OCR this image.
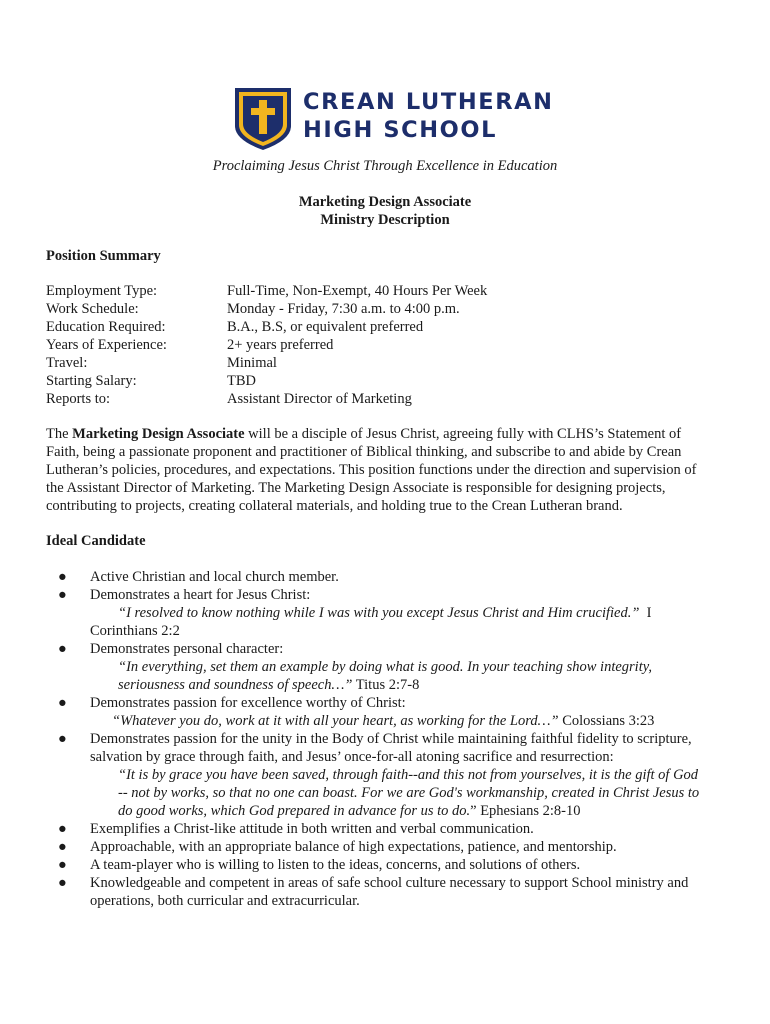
CREAN LUTHERAN
HIGH SCHOOL
Proclaiming Jesus Christ Through Excellence in Education
Marketing Design Associate
Ministry Description
Position Summary
Employment Type:	Full-Time, Non-Exempt, 40 Hours Per Week
Work Schedule:	Monday - Friday, 7:30 a.m. to 4:00 p.m.
Education Required:	B.A., B.S, or equivalent preferred
Years of Experience:	2+ years preferred
Travel:	Minimal
Starting Salary:	TBD
Reports to:	Assistant Director of Marketing

The Marketing Design Associate will be a disciple of Jesus Christ, agreeing fully with CLHS’s Statement of

Faith, being a passionate proponent and practitioner of Biblical thinking, and subscribe to and abide by Crean

Lutheran’s policies, procedures, and expectations. This position functions under the direction and supervision of

the Assistant Director of Marketing. The Marketing Design Associate is responsible for designing projects,

contributing to projects, creating collateral materials, and holding true to the Crean Lutheran brand.

Ideal Candidate
● Active Christian and local church member.
● Demonstrates a heart for Jesus Christ:
“I resolved to know nothing while I was with you except Jesus Christ and Him crucified.”  I
Corinthians 2:2
● Demonstrates personal character:
“In everything, set them an example by doing what is good. In your teaching show integrity,
seriousness and soundness of speech…” Titus 2:7-8
● Demonstrates passion for excellence worthy of Christ:
“Whatever you do, work at it with all your heart, as working for the Lord…” Colossians 3:23
● Demonstrates passion for the unity in the Body of Christ while maintaining faithful fidelity to scripture,
salvation by grace through faith, and Jesus’ once-for-all atoning sacrifice and resurrection:
“It is by grace you have been saved, through faith--and this not from yourselves, it is the gift of God
-- not by works, so that no one can boast. For we are God's workmanship, created in Christ Jesus to
do good works, which God prepared in advance for us to do.” Ephesians 2:8-10
● Exemplifies a Christ-like attitude in both written and verbal communication.
● Approachable, with an appropriate balance of high expectations, patience, and mentorship.
● A team-player who is willing to listen to the ideas, concerns, and solutions of others.
● Knowledgeable and competent in areas of safe school culture necessary to support School ministry and
operations, both curricular and extracurricular.
